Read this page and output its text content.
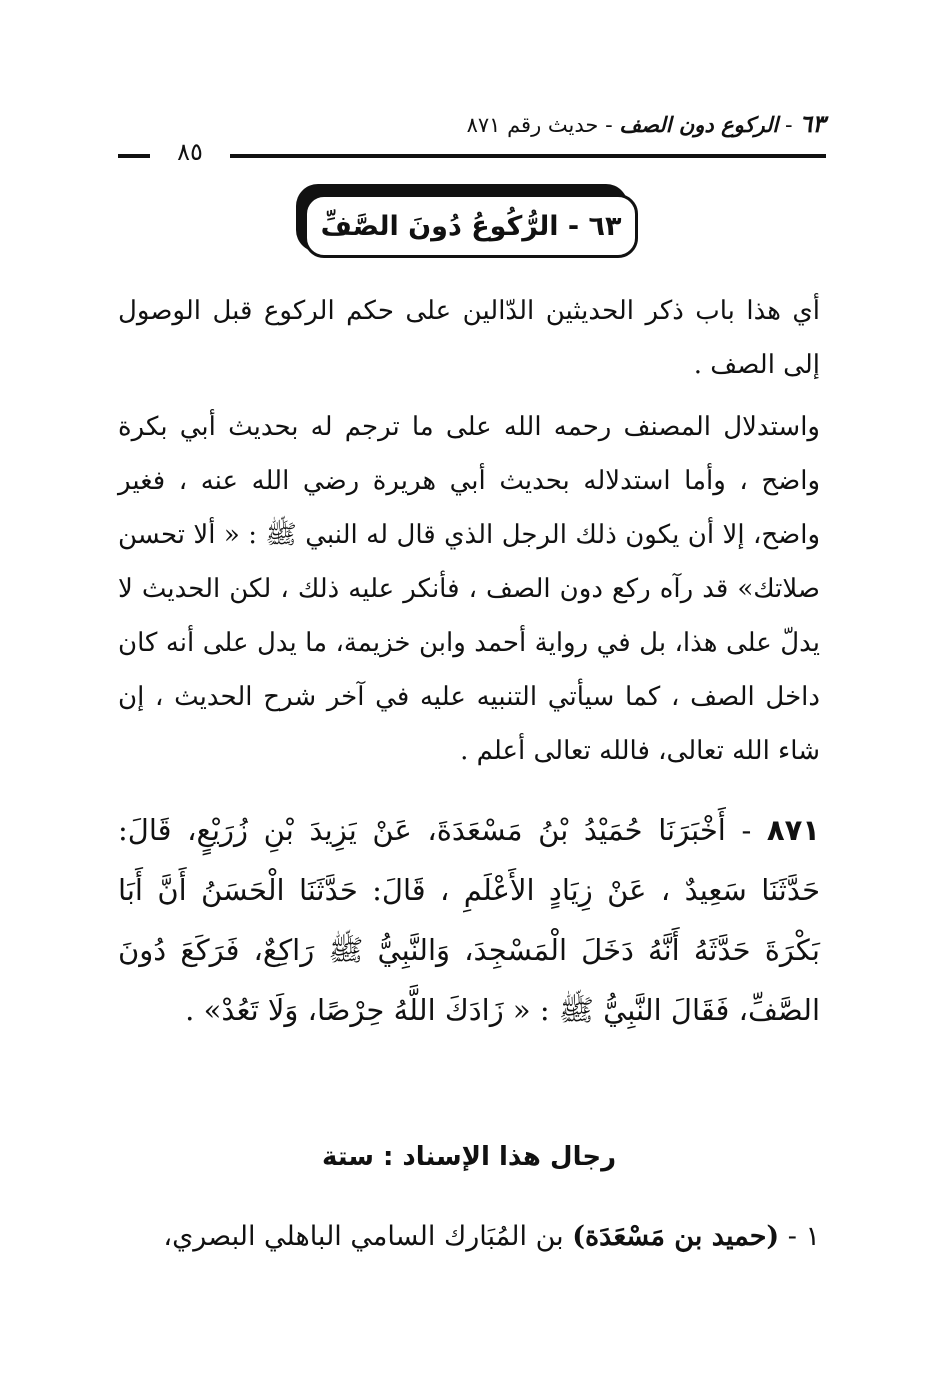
٦٣ - الركوع دون الصف - حديث رقم ٨٧١
٨٥
٦٣ - الرُّكُوعُ دُونَ الصَّفِّ

أي هذا باب ذكر الحديثين الدّالين على حكم الركوع قبل الوصول إلى الصف .

واستدلال المصنف رحمه الله على ما ترجم له بحديث أبي بكرة واضح ، وأما استدلاله بحديث أبي هريرة رضي الله عنه ، فغير واضح، إلا أن يكون ذلك الرجل الذي قال له النبي ﷺ : « ألا تحسن صلاتك» قد رآه ركع دون الصف ، فأنكر عليه ذلك ، لكن الحديث لا يدلّ على هذا، بل في رواية أحمد وابن خزيمة، ما يدل على أنه كان داخل الصف ، كما سيأتي التنبيه عليه في آخر شرح الحديث ، إن شاء الله تعالى، فالله تعالى أعلم .

٨٧١ - أَخْبَرَنَا حُمَيْدُ بْنُ مَسْعَدَةَ، عَنْ يَزِيدَ بْنِ زُرَيْعٍ، قَالَ: حَدَّثَنَا سَعِيدٌ ، عَنْ زِيَادٍ الأَعْلَمِ ، قَالَ: حَدَّثَنَا الْحَسَنُ أَنَّ أَبَا بَكْرَةَ حَدَّثَهُ أَنَّهُ دَخَلَ الْمَسْجِدَ، وَالنَّبِيُّ ﷺ رَاكِعٌ، فَرَكَعَ دُونَ الصَّفِّ، فَقَالَ النَّبِيُّ ﷺ : « زَادَكَ اللَّهُ حِرْصًا، وَلَا تَعُدْ» .

رجال هذا الإسناد : ستة
١ - (حميد بن مَسْعَدَة) بن المُبَارك السامي الباهلي البصري،
